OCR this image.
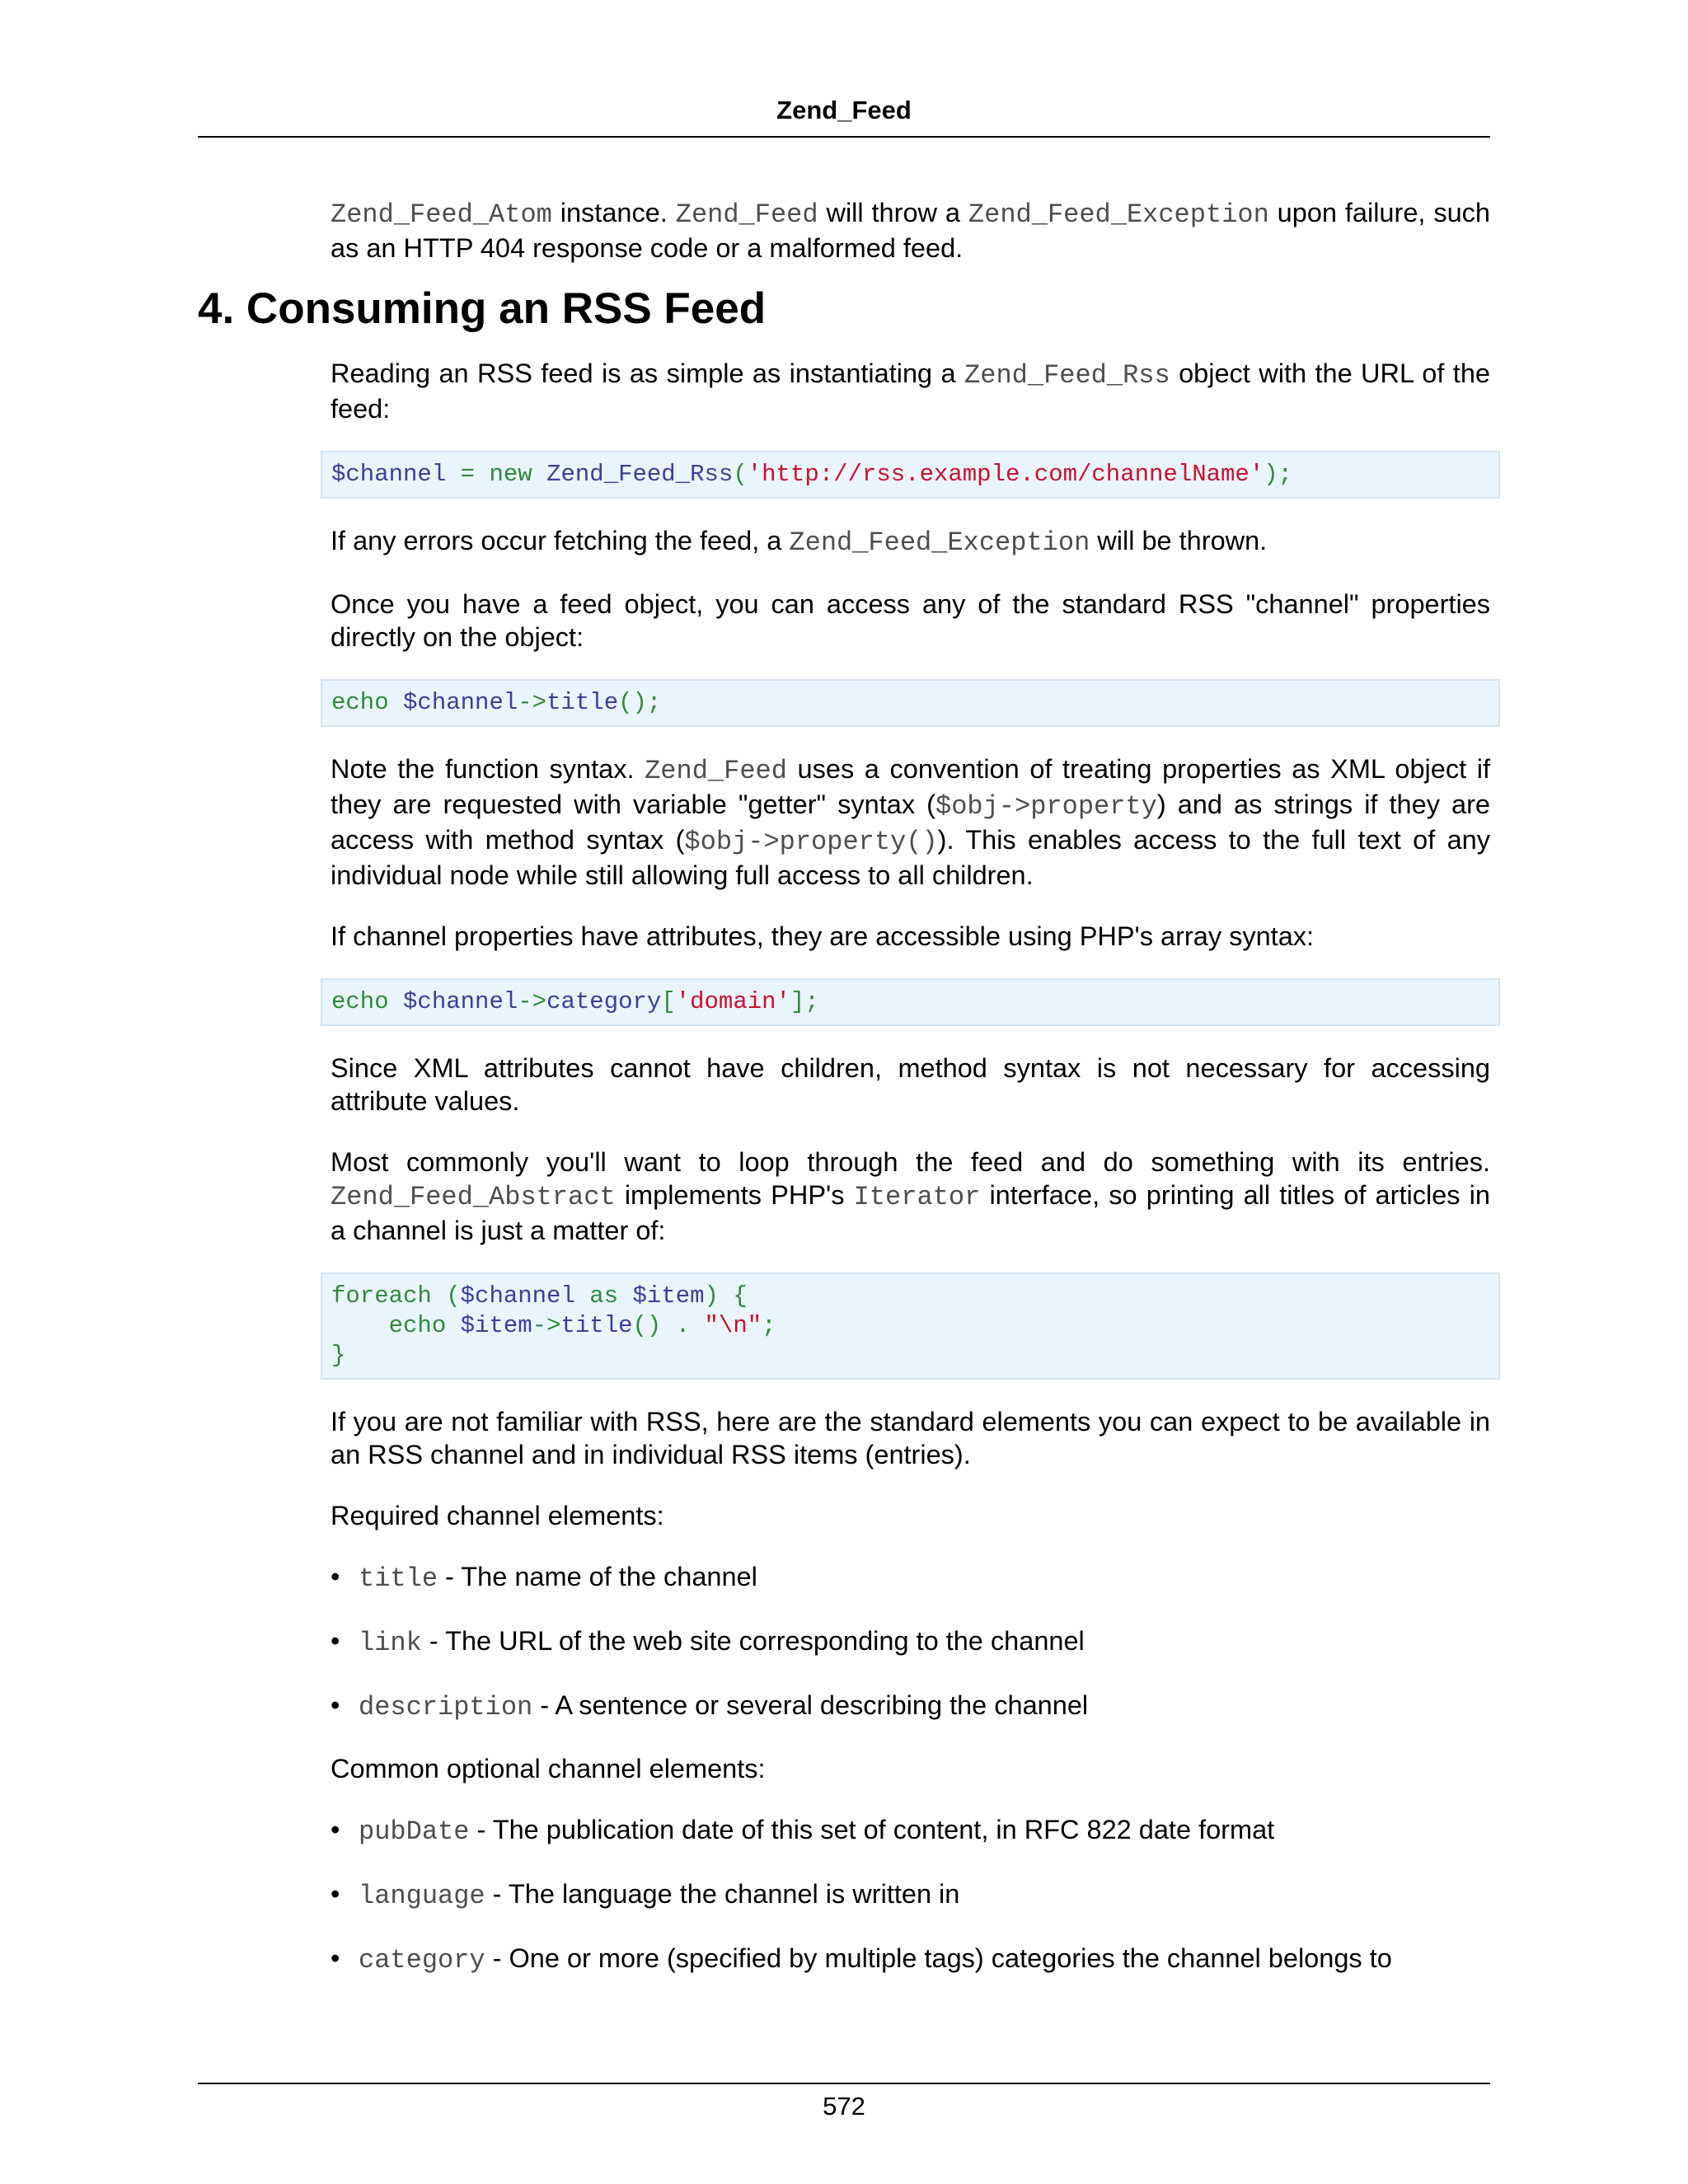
Zend_Feed

Zend_Feed_Atom instance. Zend_Feed will throw a Zend_Feed_Exception upon failure, such as an HTTP 404 response code or a malformed feed.

4. Consuming an RSS Feed

Reading an RSS feed is as simple as instantiating a Zend_Feed_Rss object with the URL of the feed:

$channel = new Zend_Feed_Rss('http://rss.example.com/channelName');

If any errors occur fetching the feed, a Zend_Feed_Exception will be thrown.

Once you have a feed object, you can access any of the standard RSS "channel" properties directly on the object:

echo $channel->title();

Note the function syntax. Zend_Feed uses a convention of treating properties as XML object if they are requested with variable "getter" syntax ($obj->property) and as strings if they are access with method syntax ($obj->property()). This enables access to the full text of any individual node while still allowing full access to all children.

If channel properties have attributes, they are accessible using PHP's array syntax:

echo $channel->category['domain'];

Since XML attributes cannot have children, method syntax is not necessary for accessing attribute values.

Most commonly you'll want to loop through the feed and do something with its entries. Zend_Feed_Abstract implements PHP's Iterator interface, so printing all titles of articles in a channel is just a matter of:

foreach ($channel as $item) {
echo $item->title() . "\n";
}

If you are not familiar with RSS, here are the standard elements you can expect to be available in an RSS channel and in individual RSS items (entries).

Required channel elements:

• title - The name of the channel
• link - The URL of the web site corresponding to the channel
• description - A sentence or several describing the channel

Common optional channel elements:

• pubDate - The publication date of this set of content, in RFC 822 date format
• language - The language the channel is written in
• category - One or more (specified by multiple tags) categories the channel belongs to
572
